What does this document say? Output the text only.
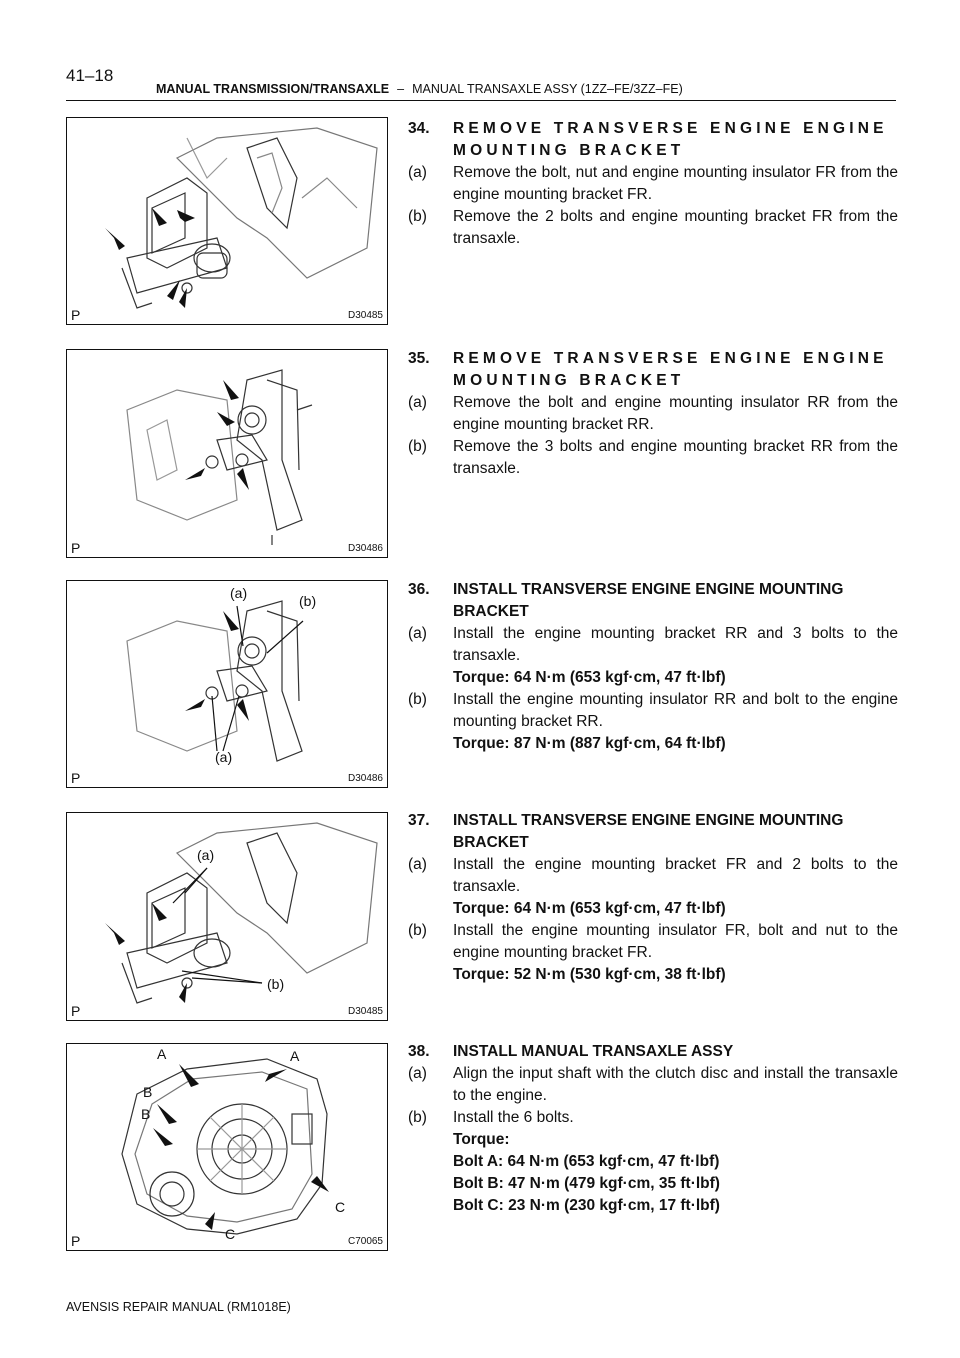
41–18
MANUAL TRANSMISSION/TRANSAXLE – MANUAL TRANSAXLE ASSY (1ZZ–FE/3ZZ–FE)
P	D30485
P	D30486
(a)	(b)
(a)
P	D30486
(a)
(b)
P	D30485
A	A
B
B
C
C
P	C70065
34.	REMOVE TRANSVERSE ENGINE ENGINE MOUNTING BRACKET
(a)	Remove the bolt, nut and engine mounting insulator FR from the engine mounting bracket FR.
(b)	Remove the 2 bolts and engine mounting bracket FR from the transaxle.
35.	REMOVE TRANSVERSE ENGINE ENGINE MOUNTING BRACKET
(a)	Remove the bolt and engine mounting insulator RR from the engine mounting bracket RR.
(b)	Remove the 3 bolts and engine mounting bracket RR from the transaxle.
36.	INSTALL TRANSVERSE ENGINE ENGINE MOUNTING BRACKET
(a)	Install the engine mounting bracket RR and 3 bolts to the transaxle.
Torque: 64 N·m (653 kgf·cm, 47 ft·lbf)
(b)	Install the engine mounting insulator RR and bolt to the engine mounting bracket RR.
Torque: 87 N·m (887 kgf·cm, 64 ft·lbf)
37.	INSTALL TRANSVERSE ENGINE ENGINE MOUNTING BRACKET
(a)	Install the engine mounting bracket FR and 2 bolts to the transaxle.
Torque: 64 N·m (653 kgf·cm, 47 ft·lbf)
(b)	Install the engine mounting insulator FR, bolt and nut to the engine mounting bracket FR.
Torque: 52 N·m (530 kgf·cm, 38 ft·lbf)
38.	INSTALL MANUAL TRANSAXLE ASSY
(a)	Align the input shaft with the clutch disc and install the transaxle to the engine.
(b)	Install the 6 bolts.
Torque:
Bolt A: 64 N·m (653 kgf·cm, 47 ft·lbf)
Bolt B: 47 N·m (479 kgf·cm, 35 ft·lbf)
Bolt C: 23 N·m (230 kgf·cm, 17 ft·lbf)
AVENSIS REPAIR MANUAL (RM1018E)
